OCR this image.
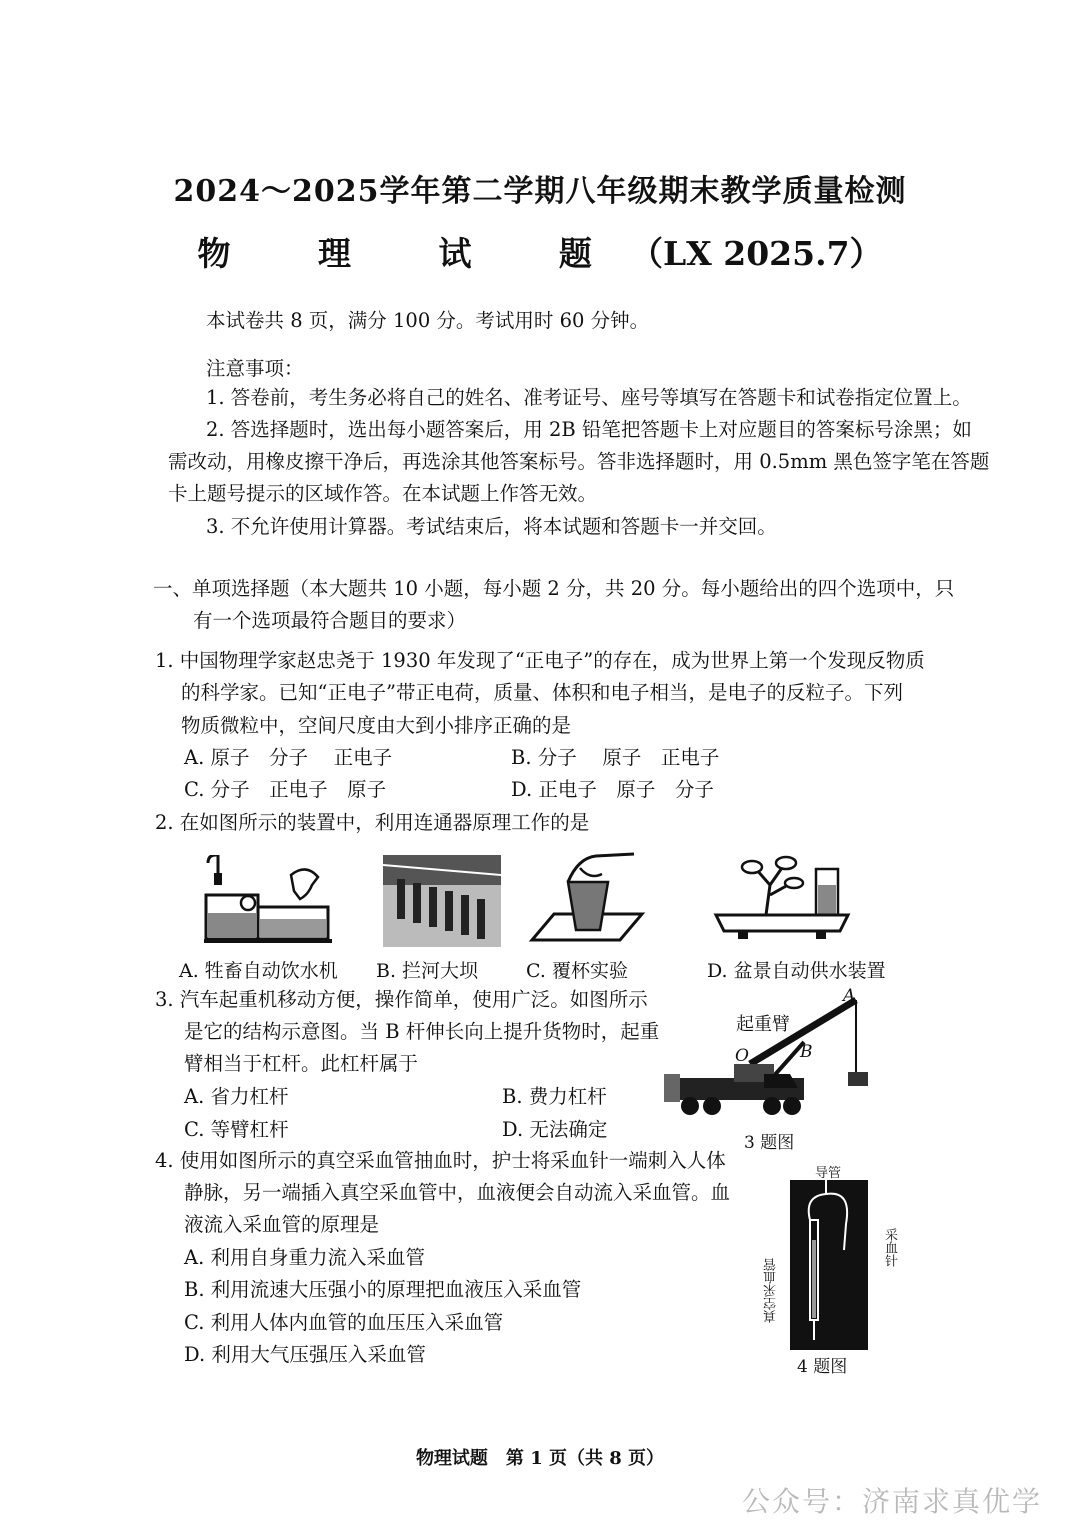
2024～2025学年第二学期八年级期末教学质量检测
物 理 试 题（LX 2025.7）
本试卷共 8 页，满分 100 分。考试用时 60 分钟。
注意事项：
1. 答卷前，考生务必将自己的姓名、准考证号、座号等填写在答题卡和试卷指定位置上。
2. 答选择题时，选出每小题答案后，用 2B 铅笔把答题卡上对应题目的答案标号涂黑；如
需改动，用橡皮擦干净后，再选涂其他答案标号。答非选择题时，用 0.5mm 黑色签字笔在答题
卡上题号提示的区域作答。在本试题上作答无效。
3. 不允许使用计算器。考试结束后，将本试题和答题卡一并交回。
一、单项选择题（本大题共 10 小题，每小题 2 分，共 20 分。每小题给出的四个选项中，只
有一个选项最符合题目的要求）
1. 中国物理学家赵忠尧于 1930 年发现了“正电子”的存在，成为世界上第一个发现反物质
的科学家。已知“正电子”带正电荷，质量、体积和电子相当，是电子的反粒子。下列
物质微粒中，空间尺度由大到小排序正确的是
A. 原子　分子　 正电子	B. 分子　 原子　正电子
C. 分子　正电子　原子	D. 正电子　原子　分子
2. 在如图所示的装置中，利用连通器原理工作的是
A. 牲畜自动饮水机 B. 拦河大坝	C. 覆杯实验	D. 盆景自动供水装置
3. 汽车起重机移动方便，操作简单，使用广泛。如图所示
是它的结构示意图。当 B 杆伸长向上提升货物时，起重
臂相当于杠杆。此杠杆属于
A. 省力杠杆	B. 费力杠杆
C. 等臂杠杆	D. 无法确定
起重臂
A
B
O
3 题图
4. 使用如图所示的真空采血管抽血时，护士将采血针一端刺入人体
静脉，另一端插入真空采血管中，血液便会自动流入采血管。血
液流入采血管的原理是
A. 利用自身重力流入采血管
B. 利用流速大压强小的原理把血液压入采血管
C. 利用人体内血管的血压压入采血管
D. 利用大气压强压入采血管
导管
采血针
真空采血管
4 题图
物理试题　第 1 页（共 8 页）
公众号：济南求真优学
